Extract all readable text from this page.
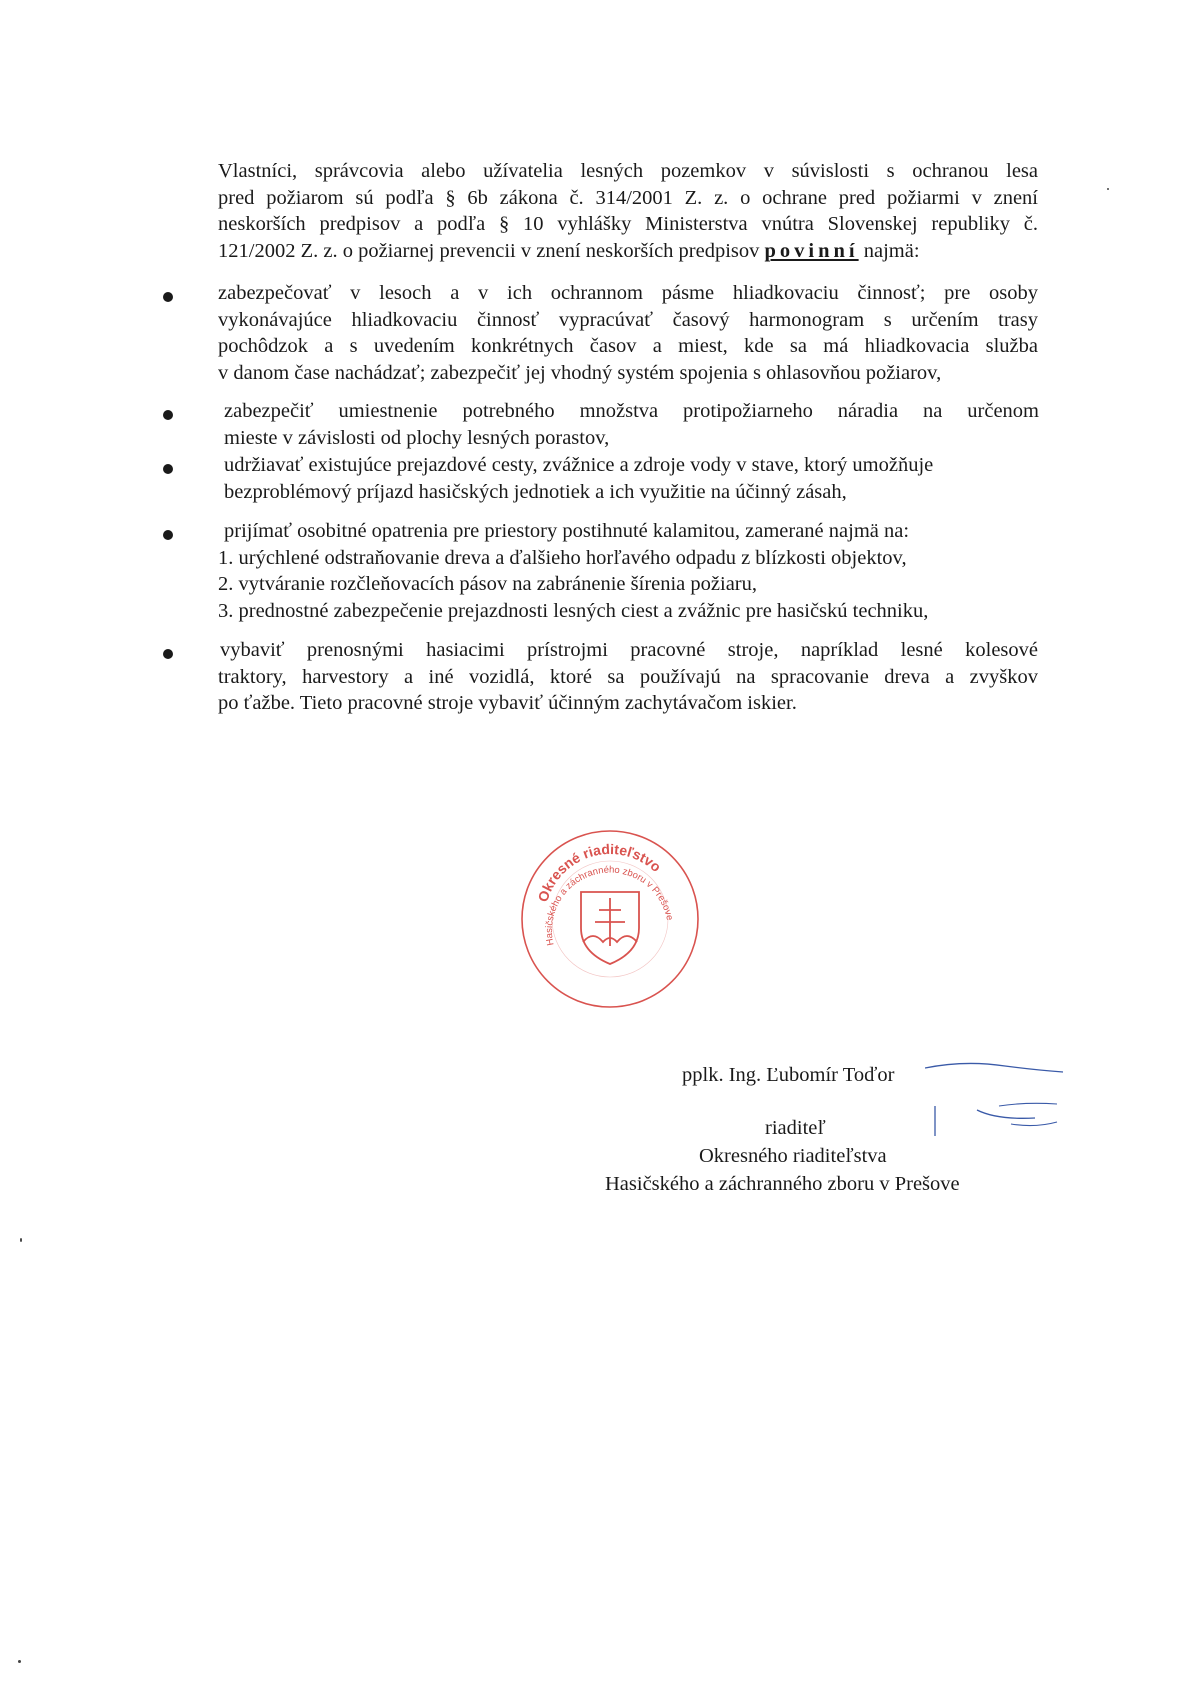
Vlastníci, správcovia alebo užívatelia lesných pozemkov v súvislosti s ochranou lesa
pred požiarom sú podľa § 6b zákona č. 314/2001 Z. z. o ochrane pred požiarmi v znení
neskorších predpisov a podľa § 10 vyhlášky Ministerstva vnútra Slovenskej republiky č.
121/2002 Z. z. o požiarnej prevencii v znení neskorších predpisov povinní najmä:
zabezpečovať v lesoch a v ich ochrannom pásme hliadkovaciu činnosť; pre osoby
vykonávajúce hliadkovaciu činnosť vypracúvať časový harmonogram s určením trasy
pochôdzok a s uvedením konkrétnych časov a miest, kde sa má hliadkovacia služba
v danom čase nachádzať; zabezpečiť jej vhodný systém spojenia s ohlasovňou požiarov,
zabezpečiť umiestnenie potrebného množstva protipožiarneho náradia na určenom
mieste v závislosti od plochy lesných porastov,
udržiavať existujúce prejazdové cesty, zvážnice a zdroje vody v stave, ktorý umožňuje
bezproblémový príjazd hasičských jednotiek a ich využitie na účinný zásah,
prijímať osobitné opatrenia pre priestory postihnuté kalamitou, zamerané najmä na:
1. urýchlené odstraňovanie dreva a ďalšieho horľavého odpadu z blízkosti objektov,
2. vytváranie rozčleňovacích pásov na zabránenie šírenia požiaru,
3. prednostné zabezpečenie prejazdnosti lesných ciest a zvážnic pre hasičskú techniku,
vybaviť prenosnými hasiacimi prístrojmi pracovné stroje, napríklad lesné kolesové
traktory, harvestory a iné vozidlá, ktoré sa používajú na spracovanie dreva a zvyškov
po ťažbe. Tieto pracovné stroje vybaviť účinným zachytávačom iskier.
Okresné riaditeľstvo
Hasičského a záchranného zboru v Prešove
pplk. Ing. Ľubomír Toďor
riaditeľ
Okresného riaditeľstva
Hasičského a záchranného zboru v Prešove
